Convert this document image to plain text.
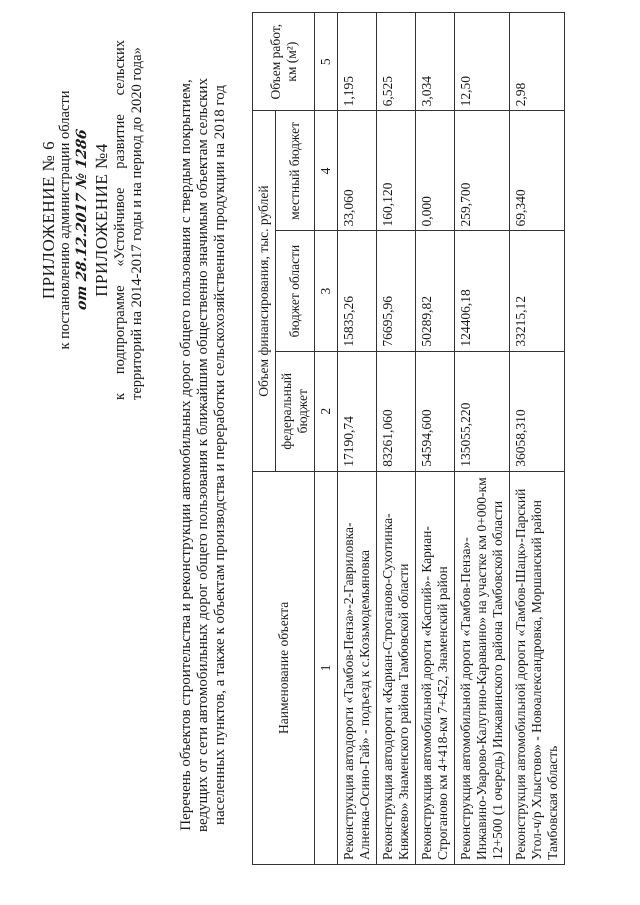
ПРИЛОЖЕНИЕ № 6 к постановлению администрации области от 28.12.2017 № 1286 ПРИЛОЖЕНИЕ №4 к подпрограмме «Устойчивое развитие сельских территорий на 2014-2017 годы и на период до 2020 года» Перечень объектов строительства и реконструкции автомобильных дорог общего пользования с твердым покрытием, ведущих от сети автомобильных дорог общего пользования к ближайшим общественно значимым объектам сельских населенных пунктов, а также к объектам производства и переработки сельскохозяйственной продукции на 2018 год	Наименование объекта	Объем финансирования, тыс. рублей			Объем работ, км (м²)
	федеральный бюджет	бюджет области	местный бюджет	
1	2	3	4	5
Реконструкция автодороги «Тамбов-Пенза»-2-Гавриловка-Алненка-Осино-Гай» - подъезд к с.Козьмодемьяновка	17190,74	15835,26	33,060	1,195
Реконструкция автодороги «Кариан-Строганово-Сухотинка-Княжево» Знаменского района Тамбовской области	83261,060	76695,96	160,120	6,525
Реконструкция автомобильной дороги «Каспий»- Кариан-Строганово км 4+418-км 7+452, Знаменский район	54594,600	50289,82	0,000	3,034
Реконструкция автомобильной дороги «Тамбов-Пенза»-Инжавино-Уварово-Калугино-Караваино» на участке км 0+000-км 12+500 (1 очередь) Инжавинского района Тамбовской области	135055,220	124406,18	259,700	12,50
Реконструкция автомобильной дороги «Тамбов-Шацк»-Парский Угол-ч/р Хлыстово» - Новоалександровка, Моршанский район Тамбовская область	36058,310	33215,12	69,340	2,98
